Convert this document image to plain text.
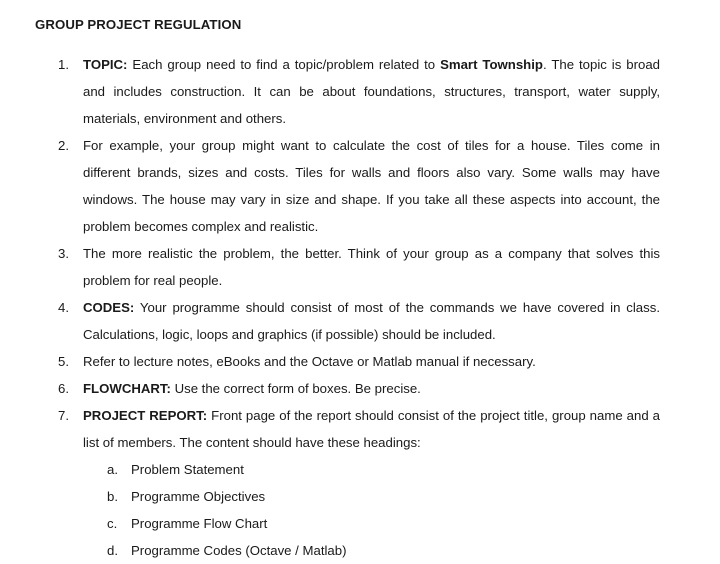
GROUP PROJECT REGULATION
1.	TOPIC: Each group need to find a topic/problem related to Smart Township. The topic is broad and includes construction. It can be about foundations, structures, transport, water supply, materials, environment and others.
2.	For example, your group might want to calculate the cost of tiles for a house. Tiles come in different brands, sizes and costs. Tiles for walls and floors also vary. Some walls may have windows. The house may vary in size and shape. If you take all these aspects into account, the problem becomes complex and realistic.
3.	The more realistic the problem, the better. Think of your group as a company that solves this problem for real people.
4.	CODES: Your programme should consist of most of the commands we have covered in class. Calculations, logic, loops and graphics (if possible) should be included.
5.	Refer to lecture notes, eBooks and the Octave or Matlab manual if necessary.
6.	FLOWCHART: Use the correct form of boxes. Be precise.
7.	PROJECT REPORT: Front page of the report should consist of the project title, group name and a list of members. The content should have these headings:
a. Problem Statement
b. Programme Objectives
c. Programme Flow Chart
d. Programme Codes (Octave / Matlab)
